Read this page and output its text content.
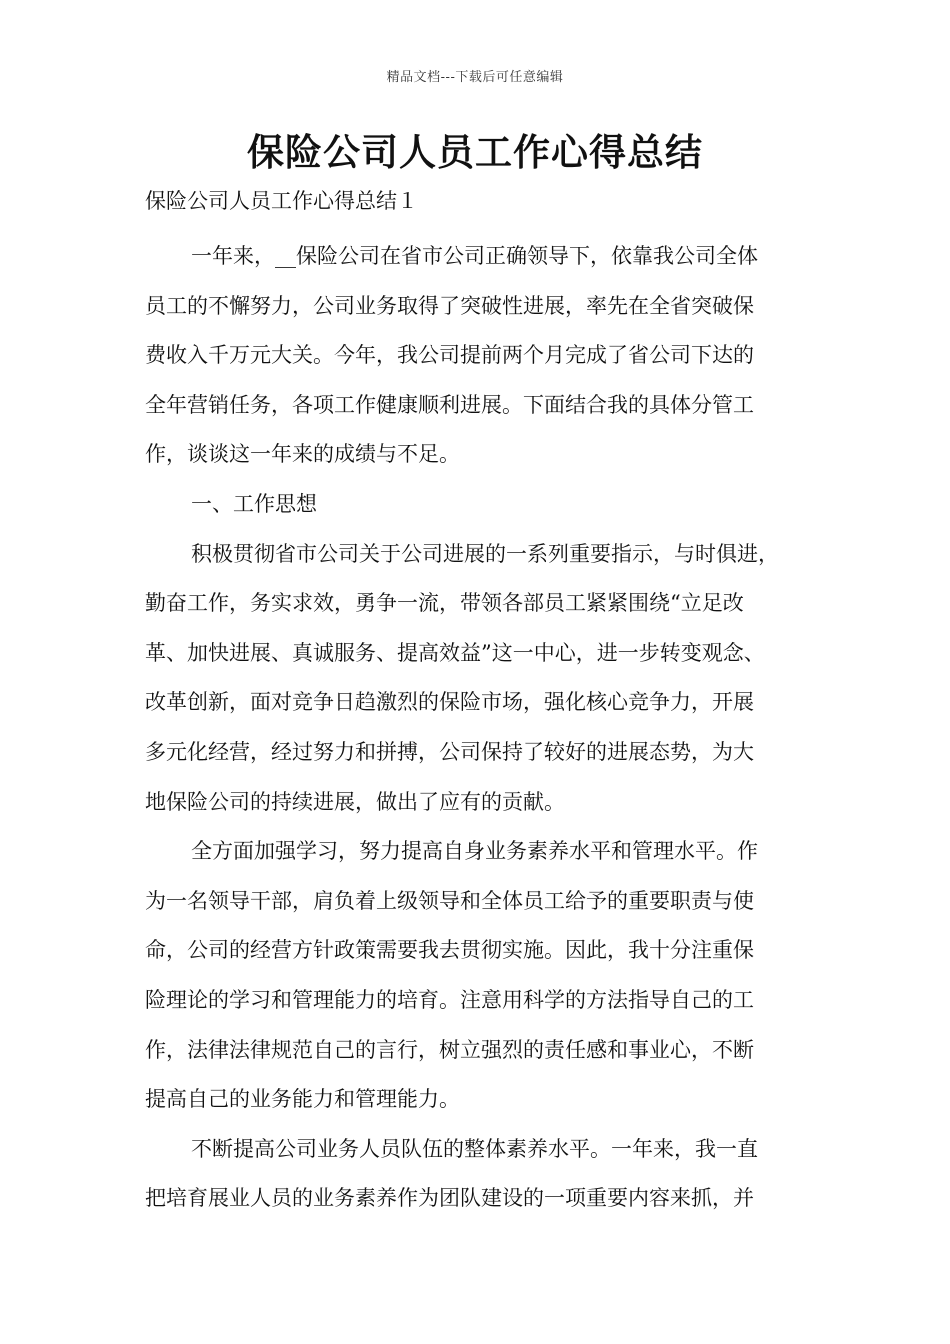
精品文档---下载后可任意编辑
保险公司人员工作心得总结
保险公司人员工作心得总结１
一年来，__保险公司在省市公司正确领导下，依靠我公司全体
员工的不懈努力，公司业务取得了突破性进展，率先在全省突破保
费收入千万元大关。今年，我公司提前两个月完成了省公司下达的
全年营销任务，各项工作健康顺利进展。下面结合我的具体分管工
作，谈谈这一年来的成绩与不足。
一、工作思想
积极贯彻省市公司关于公司进展的一系列重要指示，与时俱进，
勤奋工作，务实求效，勇争一流，带领各部员工紧紧围绕“立足改
革、加快进展、真诚服务、提高效益”这一中心，进一步转变观念、
改革创新，面对竞争日趋激烈的保险市场，强化核心竞争力，开展
多元化经营，经过努力和拼搏，公司保持了较好的进展态势，为大
地保险公司的持续进展，做出了应有的贡献。
全方面加强学习，努力提高自身业务素养水平和管理水平。作
为一名领导干部，肩负着上级领导和全体员工给予的重要职责与使
命，公司的经营方针政策需要我去贯彻实施。因此，我十分注重保
险理论的学习和管理能力的培育。注意用科学的方法指导自己的工
作，法律法律规范自己的言行，树立强烈的责任感和事业心，不断
提高自己的业务能力和管理能力。
不断提高公司业务人员队伍的整体素养水平。一年来，我一直
把培育展业人员的业务素养作为团队建设的一项重要内容来抓，并
